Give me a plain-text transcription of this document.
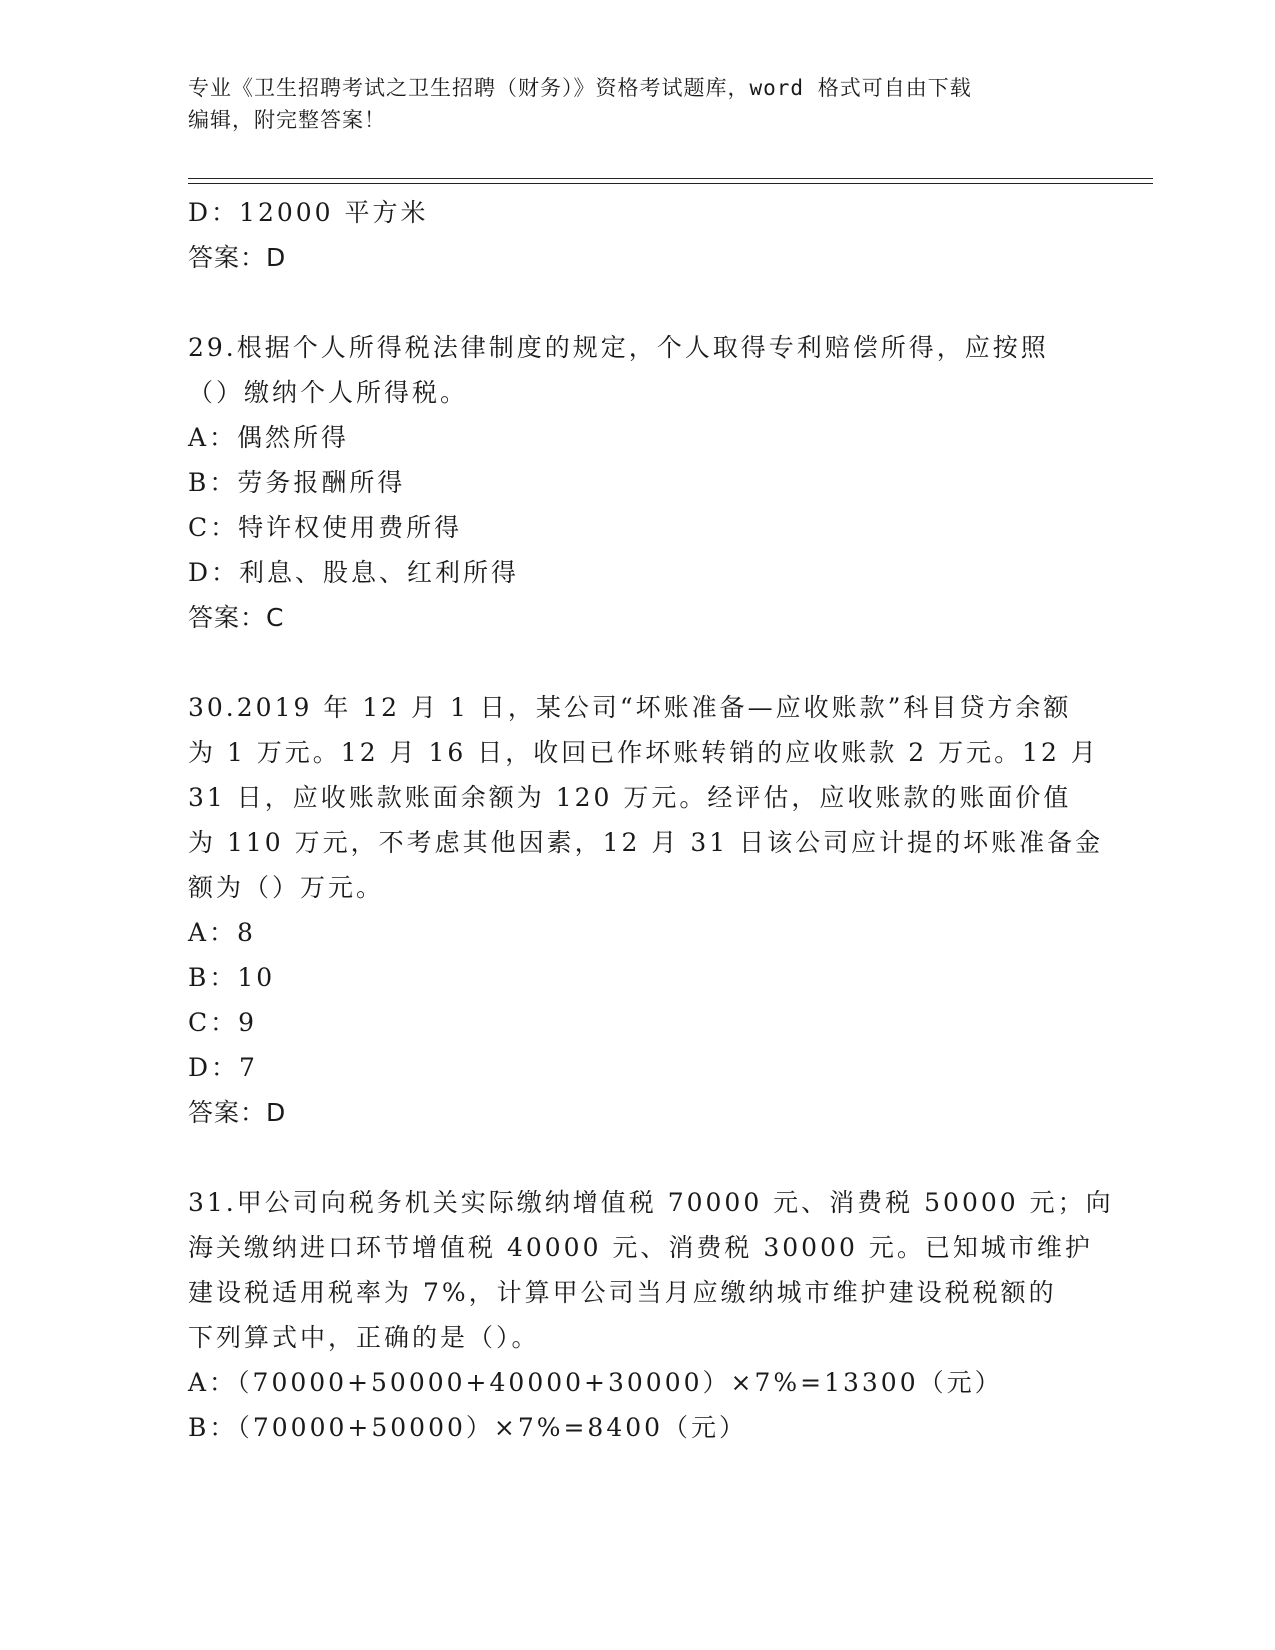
专业《卫生招聘考试之卫生招聘（财务）》资格考试题库，word 格式可自由下载
编辑，附完整答案！
D：12000 平方米
答案：D
29.根据个人所得税法律制度的规定，个人取得专利赔偿所得，应按照
（）缴纳个人所得税。
A：偶然所得
B：劳务报酬所得
C：特许权使用费所得
D：利息、股息、红利所得
答案：C
30.2019 年 12 月 1 日，某公司“坏账准备—应收账款”科目贷方余额
为 1 万元。12 月 16 日，收回已作坏账转销的应收账款 2 万元。12 月
31 日，应收账款账面余额为 120 万元。经评估，应收账款的账面价值
为 110 万元，不考虑其他因素，12 月 31 日该公司应计提的坏账准备金
额为（）万元。
A：8
B：10
C：9
D：7
答案：D
31.甲公司向税务机关实际缴纳增值税 70000 元、消费税 50000 元；向
海关缴纳进口环节增值税 40000 元、消费税 30000 元。已知城市维护
建设税适用税率为 7%，计算甲公司当月应缴纳城市维护建设税税额的
下列算式中，正确的是（）。
A：（70000+50000+40000+30000）×7%=13300（元）
B：（70000+50000）×7%=8400（元）
